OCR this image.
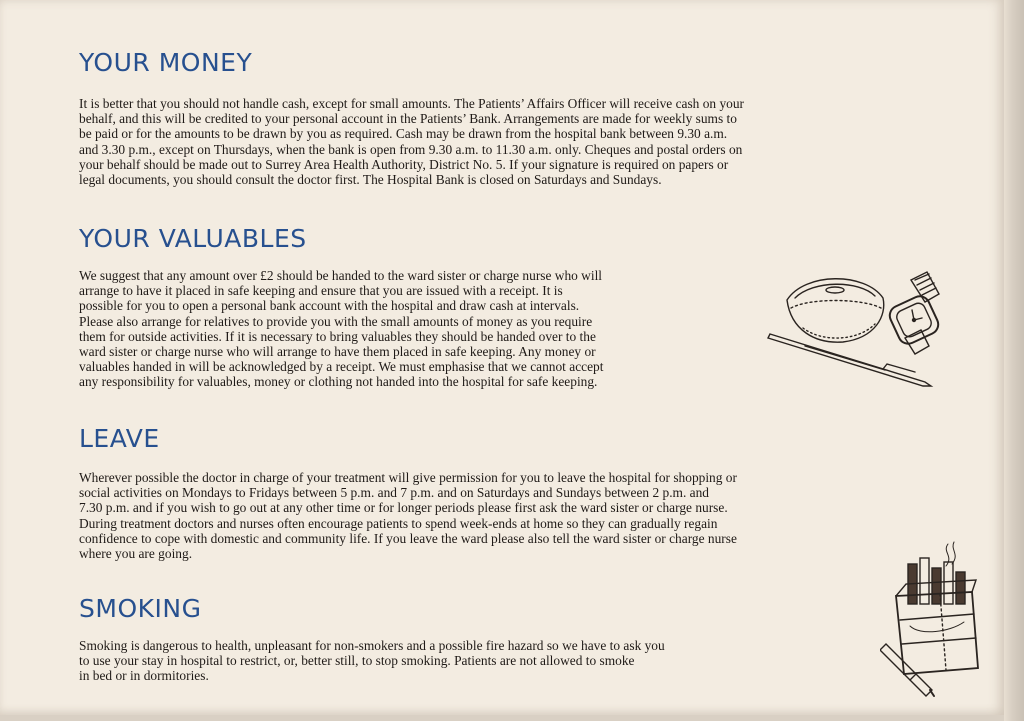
YOUR MONEY

It is better that you should not handle cash, except for small amounts. The Patients’ Affairs Officer will receive cash on your
behalf, and this will be credited to your personal account in the Patients’ Bank. Arrangements are made for weekly sums to
be paid or for the amounts to be drawn by you as required. Cash may be drawn from the hospital bank between 9.30 a.m.
and 3.30 p.m., except on Thursdays, when the bank is open from 9.30 a.m. to 11.30 a.m. only. Cheques and postal orders on
your behalf should be made out to Surrey Area Health Authority, District No. 5. If your signature is required on papers or
legal documents, you should consult the doctor first. The Hospital Bank is closed on Saturdays and Sundays.

YOUR VALUABLES

We suggest that any amount over £2 should be handed to the ward sister or charge nurse who will
arrange to have it placed in safe keeping and ensure that you are issued with a receipt. It is
possible for you to open a personal bank account with the hospital and draw cash at intervals.
Please also arrange for relatives to provide you with the small amounts of money as you require
them for outside activities. If it is necessary to bring valuables they should be handed over to the
ward sister or charge nurse who will arrange to have them placed in safe keeping. Any money or
valuables handed in will be acknowledged by a receipt. We must emphasise that we cannot accept
any responsibility for valuables, money or clothing not handed into the hospital for safe keeping.

LEAVE

Wherever possible the doctor in charge of your treatment will give permission for you to leave the hospital for shopping or
social activities on Mondays to Fridays between 5 p.m. and 7 p.m. and on Saturdays and Sundays between 2 p.m. and
7.30 p.m. and if you wish to go out at any other time or for longer periods please first ask the ward sister or charge nurse.
During treatment doctors and nurses often encourage patients to spend week-ends at home so they can gradually regain
confidence to cope with domestic and community life. If you leave the ward please also tell the ward sister or charge nurse
where you are going.

SMOKING

Smoking is dangerous to health, unpleasant for non-smokers and a possible fire hazard so we have to ask you
to use your stay in hospital to restrict, or, better still, to stop smoking. Patients are not allowed to smoke
in bed or in dormitories.
